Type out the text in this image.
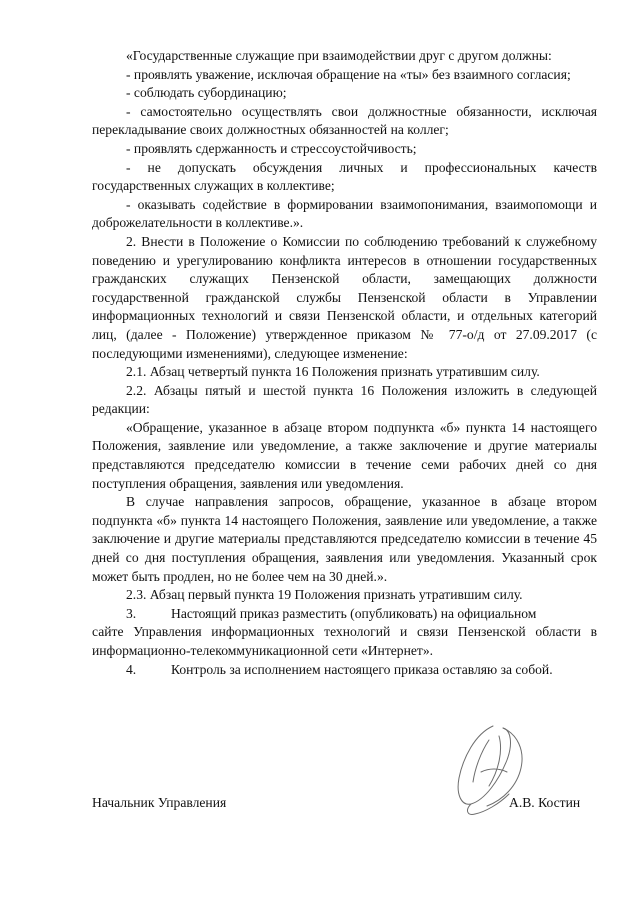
«Государственные служащие при взаимодействии друг с другом должны:

- проявлять уважение, исключая обращение на «ты» без взаимного согласия;

- соблюдать субординацию;

- самостоятельно осуществлять свои должностные обязанности, исключая перекладывание своих должностных обязанностей на коллег;

- проявлять сдержанность и стрессоустойчивость;

- не допускать обсуждения личных и профессиональных качеств государственных служащих в коллективе;

- оказывать содействие в формировании взаимопонимания, взаимопомощи и доброжелательности в коллективе.».

2. Внести в Положение о Комиссии по соблюдению требований к служебному поведению и урегулированию конфликта интересов в отношении государственных гражданских служащих Пензенской области, замещающих должности государственной гражданской службы Пензенской области в Управлении информационных технологий и связи Пензенской области, и отдельных категорий лиц, (далее - Положение) утвержденное приказом № 77-о/д от 27.09.2017 (с последующими изменениями), следующее изменение:

2.1. Абзац четвертый пункта 16 Положения признать утратившим силу.

2.2. Абзацы пятый и шестой пункта 16 Положения изложить в следующей редакции:

«Обращение, указанное в абзаце втором подпункта «б» пункта 14 настоящего Положения, заявление или уведомление, а также заключение и другие материалы представляются председателю комиссии в течение семи рабочих дней со дня поступления обращения, заявления или уведомления.

В случае направления запросов, обращение, указанное в абзаце втором подпункта «б» пункта 14 настоящего Положения, заявление или уведомление, а также заключение и другие материалы представляются председателю комиссии в течение 45 дней со дня поступления обращения, заявления или уведомления. Указанный срок может быть продлен, но не более чем на 30 дней.».

2.3. Абзац первый пункта 19 Положения признать утратившим силу.

3.	Настоящий приказ разместить (опубликовать) на официальном

сайте Управления информационных технологий и связи Пензенской области в информационно-телекоммуникационной сети «Интернет».

4.	Контроль за исполнением настоящего приказа оставляю за собой.
Начальник Управления	А.В. Костин
